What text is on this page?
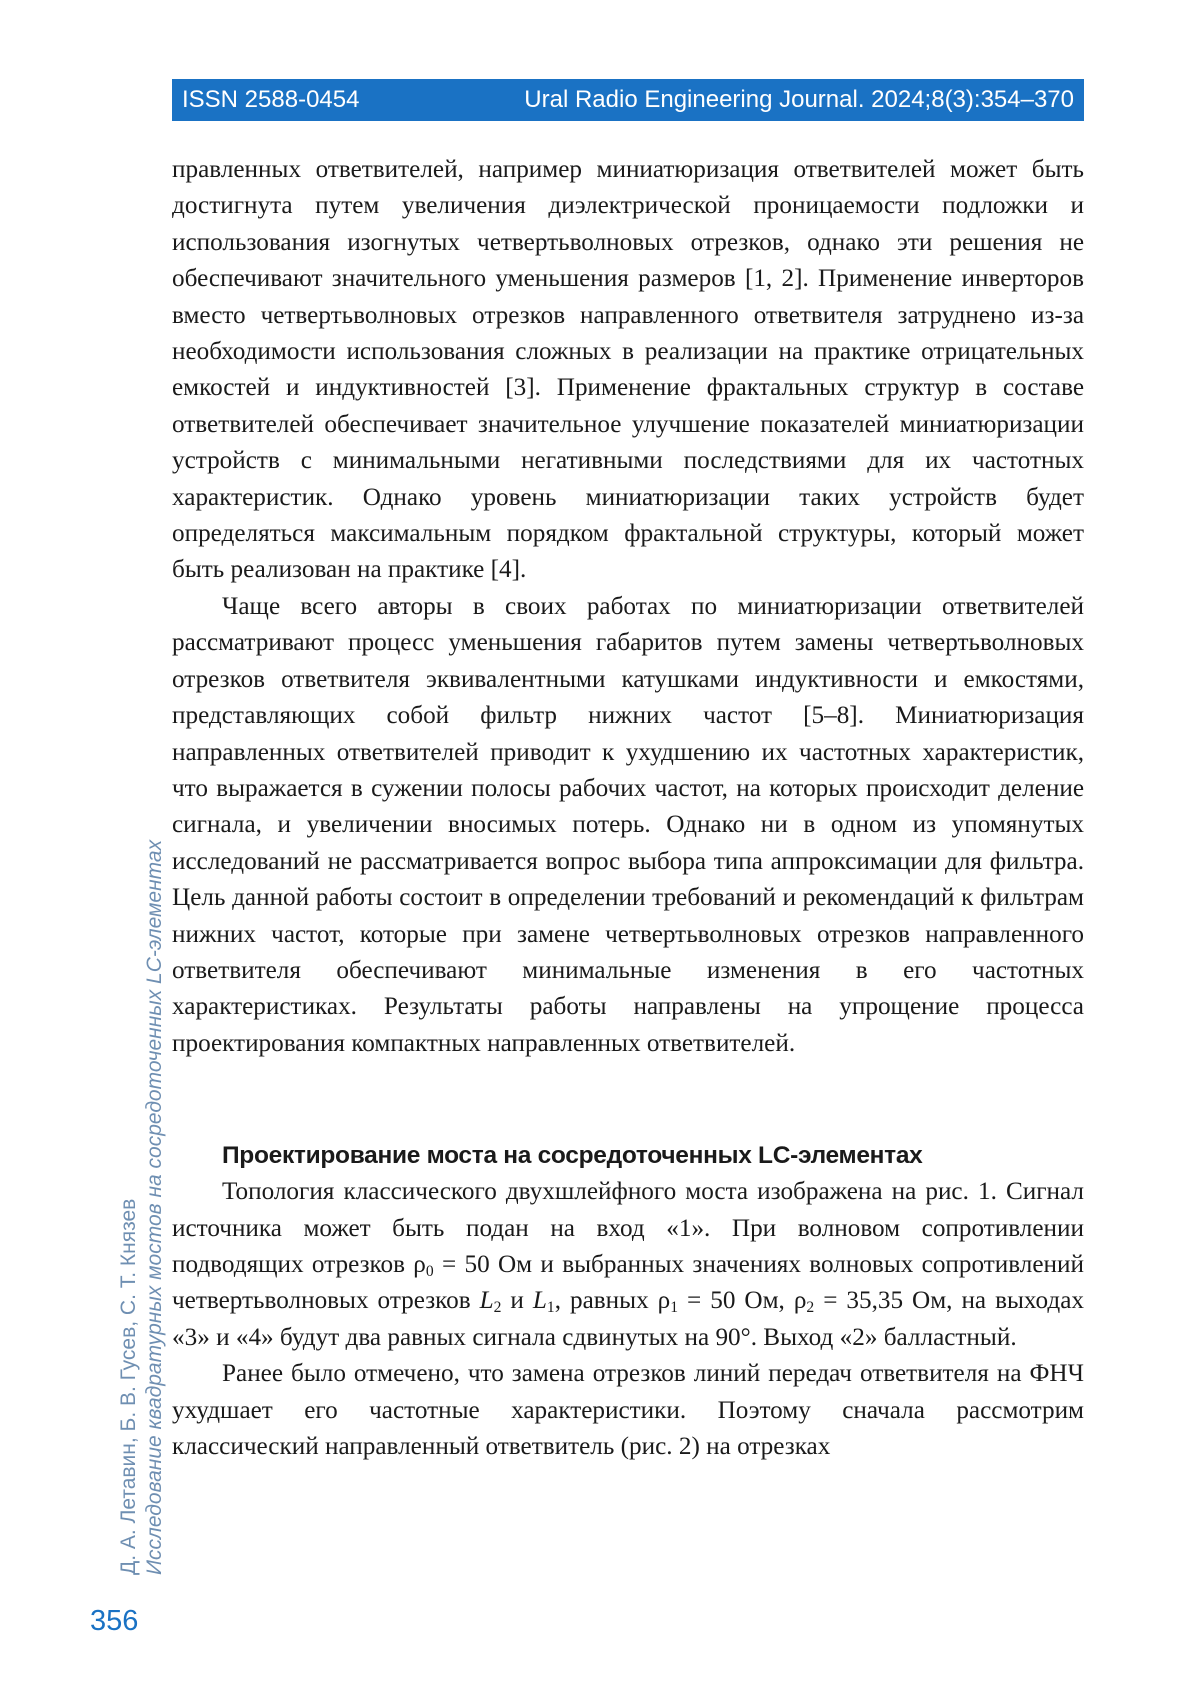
ISSN 2588-0454	Ural Radio Engineering Journal. 2024;8(3):354–370

правленных ответвителей, например миниатюризация ответвителей может быть достигнута путем увеличения диэлектрической проницаемости подложки и использования изогнутых четвертьволновых отрезков, однако эти решения не обеспечивают значительного уменьшения размеров [1, 2]. Применение инверторов вместо четвертьволновых отрезков направленного ответвителя затруднено из-за необходимости использования сложных в реализации на практике отрицательных емкостей и индуктивностей [3]. Применение фрактальных структур в составе ответвителей обеспечивает значительное улучшение показателей миниатюризации устройств с минимальными негативными последствиями для их частотных характеристик. Однако уровень миниатюризации таких устройств будет определяться максимальным порядком фрактальной структуры, который может быть реализован на практике [4].

Чаще всего авторы в своих работах по миниатюризации ответвителей рассматривают процесс уменьшения габаритов путем замены четвертьволновых отрезков ответвителя эквивалентными катушками индуктивности и емкостями, представляющих собой фильтр нижних частот [5–8]. Миниатюризация направленных ответвителей приводит к ухудшению их частотных характеристик, что выражается в сужении полосы рабочих частот, на которых происходит деление сигнала, и увеличении вносимых потерь. Однако ни в одном из упомянутых исследований не рассматривается вопрос выбора типа аппроксимации для фильтра. Цель данной работы состоит в определении требований и рекомендаций к фильтрам нижних частот, которые при замене четвертьволновых отрезков направленного ответвителя обеспечивают минимальные изменения в его частотных характеристиках. Результаты работы направлены на упрощение процесса проектирования компактных направленных ответвителей.

Проектирование моста на сосредоточенных LC-элементах

Топология классического двухшлейфного моста изображена на рис. 1. Сигнал источника может быть подан на вход «1». При волновом сопротивлении подводящих отрезков $\rho_0 = 50$ Ом и выбранных значениях волновых сопротивлений четвертьволновых отрезков $L_2$ и $L_1$, равных $\rho_1 = 50$ Ом, $\rho_2 = 35,35$ Ом, на выходах «3» и «4» будут два равных сигнала сдвинутых на 90°. Выход «2» балластный.

Ранее было отмечено, что замена отрезков линий передач ответвителя на ФНЧ ухудшает его частотные характеристики. Поэтому сначала рассмотрим классический направленный ответвитель (рис. 2) на отрезках

Д. А. Летавин, Б. В. Гусев, С. Т. Князев Исследование квадратурных мостов на сосредоточенных LC-элементах
356
